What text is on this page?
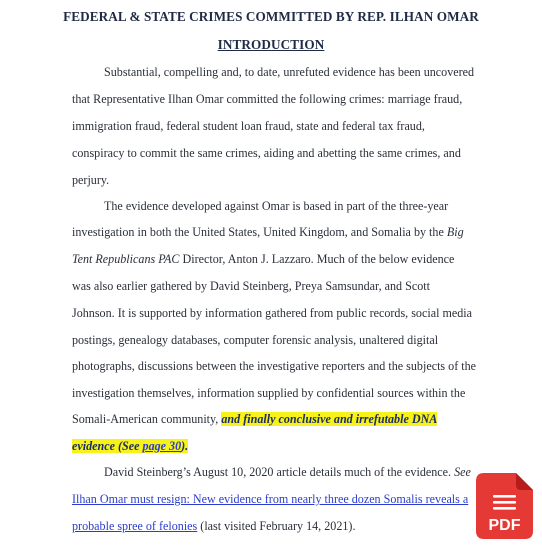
FEDERAL & STATE CRIMES COMMITTED BY REP. ILHAN OMAR
INTRODUCTION
Substantial, compelling and, to date, unrefuted evidence has been uncovered
that Representative Ilhan Omar committed the following crimes: marriage fraud,
immigration fraud, federal student loan fraud, state and federal tax fraud,
conspiracy to commit the same crimes, aiding and abetting the same crimes, and
perjury.
The evidence developed against Omar is based in part of the three-year
investigation in both the United States, United Kingdom, and Somalia by the Big
Tent Republicans PAC Director, Anton J. Lazzaro. Much of the below evidence
was also earlier gathered by David Steinberg, Preya Samsundar, and Scott
Johnson. It is supported by information gathered from public records, social media
postings, genealogy databases, computer forensic analysis, unaltered digital
photographs, discussions between the investigative reporters and the subjects of the
investigation themselves, information supplied by confidential sources within the
Somali-American community, and finally conclusive and irrefutable DNA
evidence (See page 30).
David Steinberg’s August 10, 2020 article details much of the evidence. See
Ilhan Omar must resign: New evidence from nearly three dozen Somalis reveals a
probable spree of felonies (last visited February 14, 2021).	PDF
